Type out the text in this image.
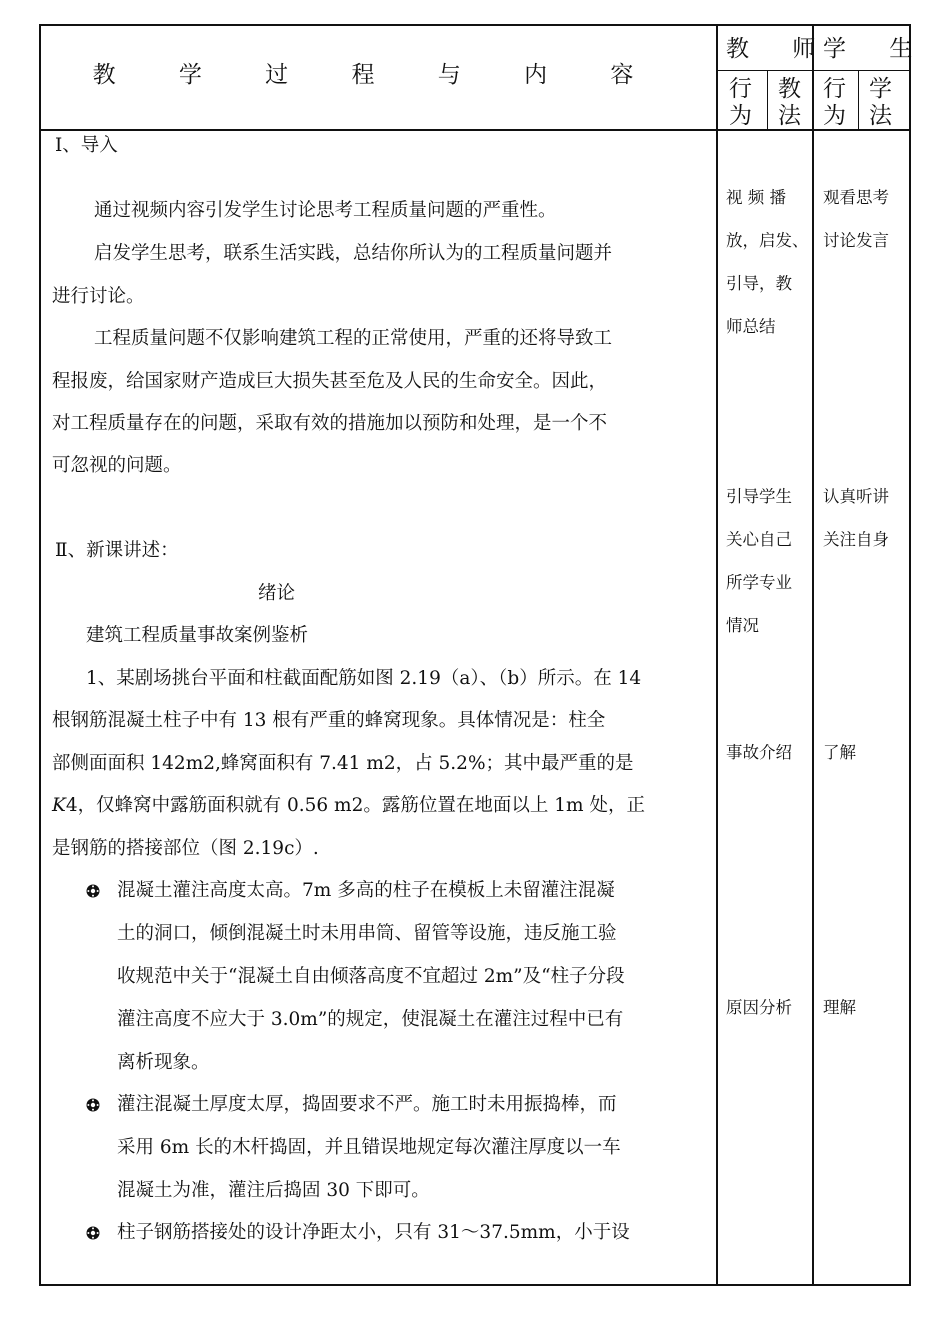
教 学 过 程 与 内 容
教 师
学 生
行
为
教
法
行
为
学
法
Ⅰ、导入
通过视频内容引发学生讨论思考工程质量问题的严重性。
启发学生思考，联系生活实践，总结你所认为的工程质量问题并
进行讨论。
工程质量问题不仅影响建筑工程的正常使用，严重的还将导致工
程报废，给国家财产造成巨大损失甚至危及人民的生命安全。因此，
对工程质量存在的问题，采取有效的措施加以预防和处理，是一个不
可忽视的问题。
Ⅱ、新课讲述：
绪论
建筑工程质量事故案例鉴析
1、某剧场挑台平面和柱截面配筋如图 2.19（a）、（b）所示。在 14
根钢筋混凝土柱子中有 13 根有严重的蜂窝现象。具体情况是：柱全
部侧面面积 142m2,蜂窝面积有 7.41 m2，占 5.2%；其中最严重的是
K4，仅蜂窝中露筋面积就有 0.56 m2。露筋位置在地面以上 1m 处，正
是钢筋的搭接部位（图 2.19c）.
混凝土灌注高度太高。7m 多高的柱子在模板上未留灌注混凝
土的洞口，倾倒混凝土时未用串筒、留管等设施，违反施工验
收规范中关于“混凝土自由倾落高度不宜超过 2m”及“柱子分段
灌注高度不应大于 3.0m”的规定，使混凝土在灌注过程中已有
离析现象。
灌注混凝土厚度太厚，捣固要求不严。施工时未用振捣棒，而
采用 6m 长的木杆捣固，并且错误地规定每次灌注厚度以一车
混凝土为准，灌注后捣固 30 下即可。
柱子钢筋搭接处的设计净距太小，只有 31～37.5mm，小于设
视 频 播
放，启发、
引导，教
师总结
引导学生
关心自己
所学专业
情况
事故介绍
原因分析
观看思考
讨论发言
认真听讲
关注自身
了解
理解
